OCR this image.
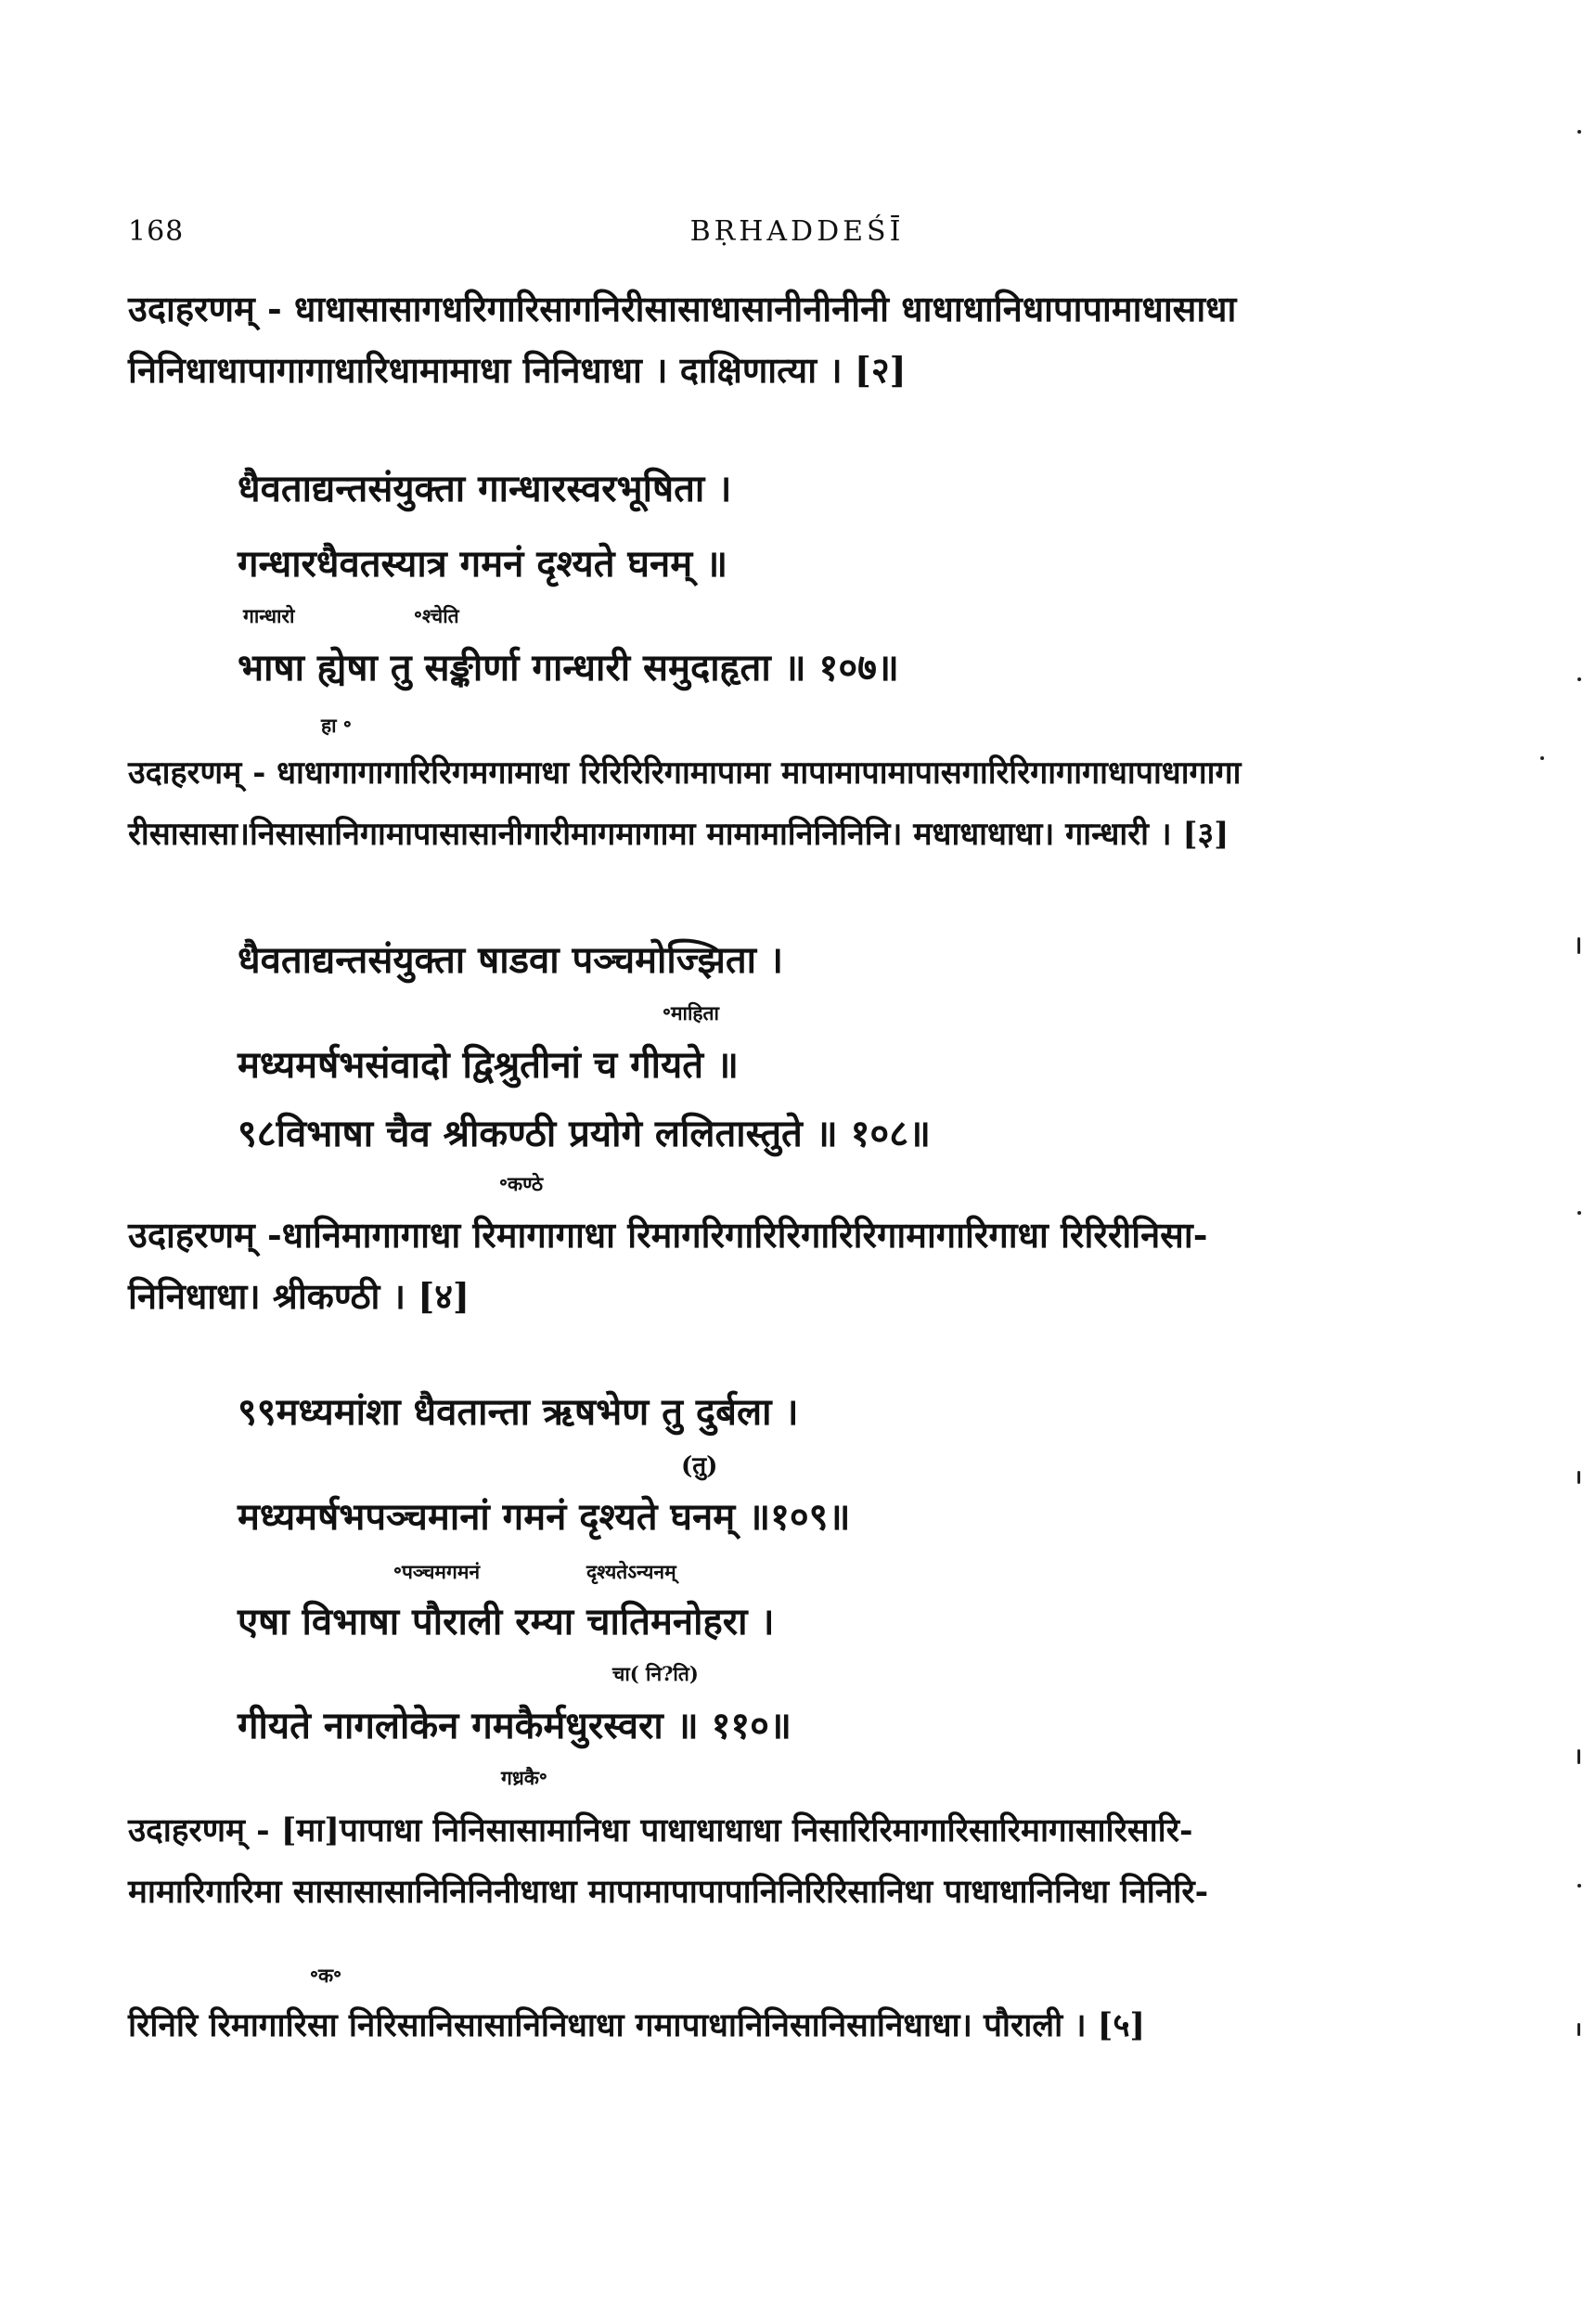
168	BṚHADDEŚĪ
उदाहरणम् - धाधासासागधरिगारिसागनिरीसासाधासानीनीनीनी धाधाधानिधापापामाधासाधा
निनिधाधापागागाधारिधामामाधा निनिधाधा । दाक्षिणात्या । [२]
धैवताद्यन्तसंयुक्ता गान्धारस्वरभूषिता ।
गन्धारधैवतस्यात्र गमनं दृश्यते घनम् ॥
गान्धारो	॰श्चेति
भाषा ह्येषा तु सङ्कीर्णा गान्धारी समुदाहृता ॥ १०७॥
हा ॰
उदाहरणम् - धाधागागागारिरिगमगामाधा रिरिरिरिगामापामा मापामापामापासगारिरिगागागाधापाधागागा
रीसासासा।निसासानिगामापासासानीगारीमागमागामा मामामानिनिनिनि। मधाधाधाधा। गान्धारी । [३]
धैवताद्यन्तसंयुक्ता षाडवा पञ्चमोज्झिता ।
॰माहिता
मध्यमर्षभसंवादो द्विश्रुतीनां च गीयते ॥
९८विभाषा चैव श्रीकण्ठी प्रयोगे ललितास्तुते ॥ १०८॥
॰कण्ठे
उदाहरणम् -धानिमागागाधा रिमागागाधा रिमागरिगारिरिगारिरिगामागारिगाधा रिरिरीनिसा-
निनिधाधा। श्रीकण्ठी । [४]
९९मध्यमांशा धैवतान्ता ऋषभेण तु दुर्बला ।
(तु)
मध्यमर्षभपञ्चमानां गमनं दृश्यते घनम् ॥१०९॥
॰पञ्चमगमनं	दृश्यतेऽन्यनम्
एषा विभाषा पौराली रम्या चातिमनोहरा ।
चा( नि?ति)
गीयते नागलोकेन गमकैर्मधुरस्वरा ॥ ११०॥
गध्रकै॰
उदाहरणम् - [मा]पापाधा निनिसासामानिधा पाधाधाधाधा निसारिरिमागारिसारिमागासारिसारि-
मामारिगारिमा सासासासानिनिनिनीधाधा मापामापापापानिनिरिरिसानिधा पाधाधानिनिधा निनिरि-
॰क॰
रिनिरि रिमागारिसा निरिसानिसासानिनिधाधा गमापाधानिनिसानिसानिधाधा। पौराली । [५]
